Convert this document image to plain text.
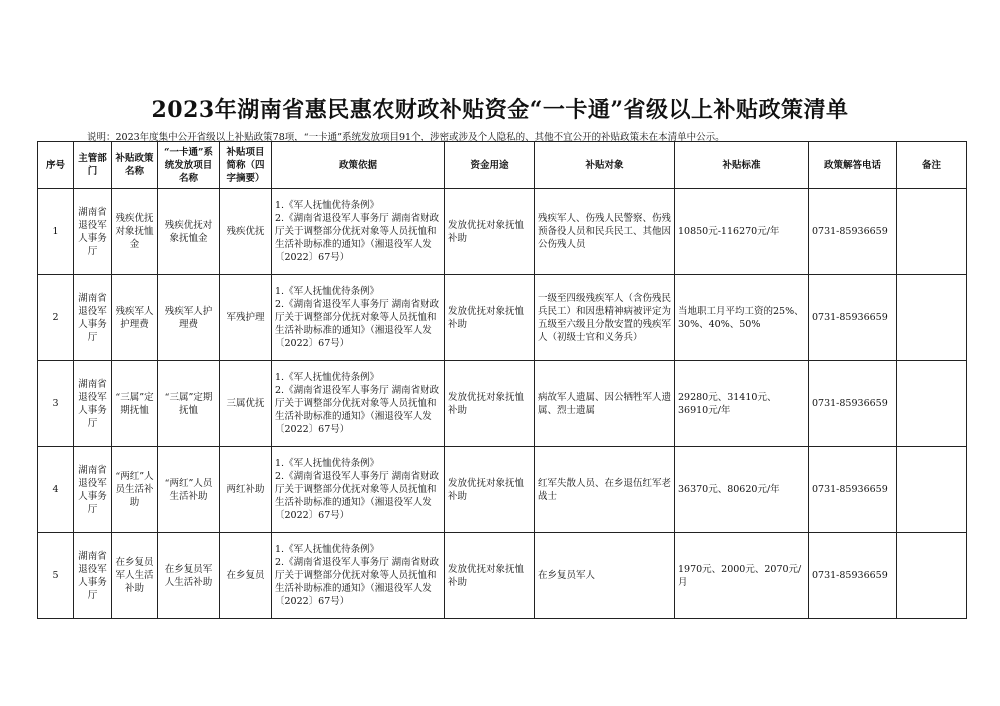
2023年湖南省惠民惠农财政补贴资金“一卡通”省级以上补贴政策清单
说明：2023年度集中公开省级以上补贴政策78项，“一卡通”系统发放项目91个，涉密或涉及个人隐私的、其他不宜公开的补贴政策未在本清单中公示。
序号	主管部门	补贴政策名称	“一卡通”系统发放项目名称	补贴项目简称（四字摘要）	政策依据	资金用途	补贴对象	补贴标准	政策解答电话	备注
1	湖南省退役军人事务厅	残疾优抚对象抚恤金	残疾优抚对象抚恤金	残疾优抚	1.《军人抚恤优待条例》
2.《湖南省退役军人事务厅 湖南省财政厅关于调整部分优抚对象等人员抚恤和生活补助标准的通知》（湘退役军人发〔2022〕67号）	发放优抚对象抚恤补助	残疾军人、伤残人民警察、伤残预备役人员和民兵民工、其他因公伤残人员	10850元-116270元/年	0731-85936659	
2	湖南省退役军人事务厅	残疾军人护理费	残疾军人护理费	军残护理	1.《军人抚恤优待条例》
2.《湖南省退役军人事务厅 湖南省财政厅关于调整部分优抚对象等人员抚恤和生活补助标准的通知》（湘退役军人发〔2022〕67号）	发放优抚对象抚恤补助	一级至四级残疾军人（含伤残民兵民工）和因患精神病被评定为五级至六级且分散安置的残疾军人（初级士官和义务兵）	当地职工月平均工资的25%、30%、40%、50%	0731-85936659	
3	湖南省退役军人事务厅	“三属”定期抚恤	“三属”定期抚恤	三属优抚	1.《军人抚恤优待条例》
2.《湖南省退役军人事务厅 湖南省财政厅关于调整部分优抚对象等人员抚恤和生活补助标准的通知》（湘退役军人发〔2022〕67号）	发放优抚对象抚恤补助	病故军人遗属、因公牺牲军人遗属、烈士遗属	29280元、31410元、36910元/年	0731-85936659	
4	湖南省退役军人事务厅	“两红”人员生活补助	“两红”人员生活补助	两红补助	1.《军人抚恤优待条例》
2.《湖南省退役军人事务厅 湖南省财政厅关于调整部分优抚对象等人员抚恤和生活补助标准的通知》（湘退役军人发〔2022〕67号）	发放优抚对象抚恤补助	红军失散人员、在乡退伍红军老战士	36370元、80620元/年	0731-85936659	
5	湖南省退役军人事务厅	在乡复员军人生活补助	在乡复员军人生活补助	在乡复员	1.《军人抚恤优待条例》
2.《湖南省退役军人事务厅 湖南省财政厅关于调整部分优抚对象等人员抚恤和生活补助标准的通知》（湘退役军人发〔2022〕67号）	发放优抚对象抚恤补助	在乡复员军人	1970元、2000元、2070元/月	0731-85936659	
